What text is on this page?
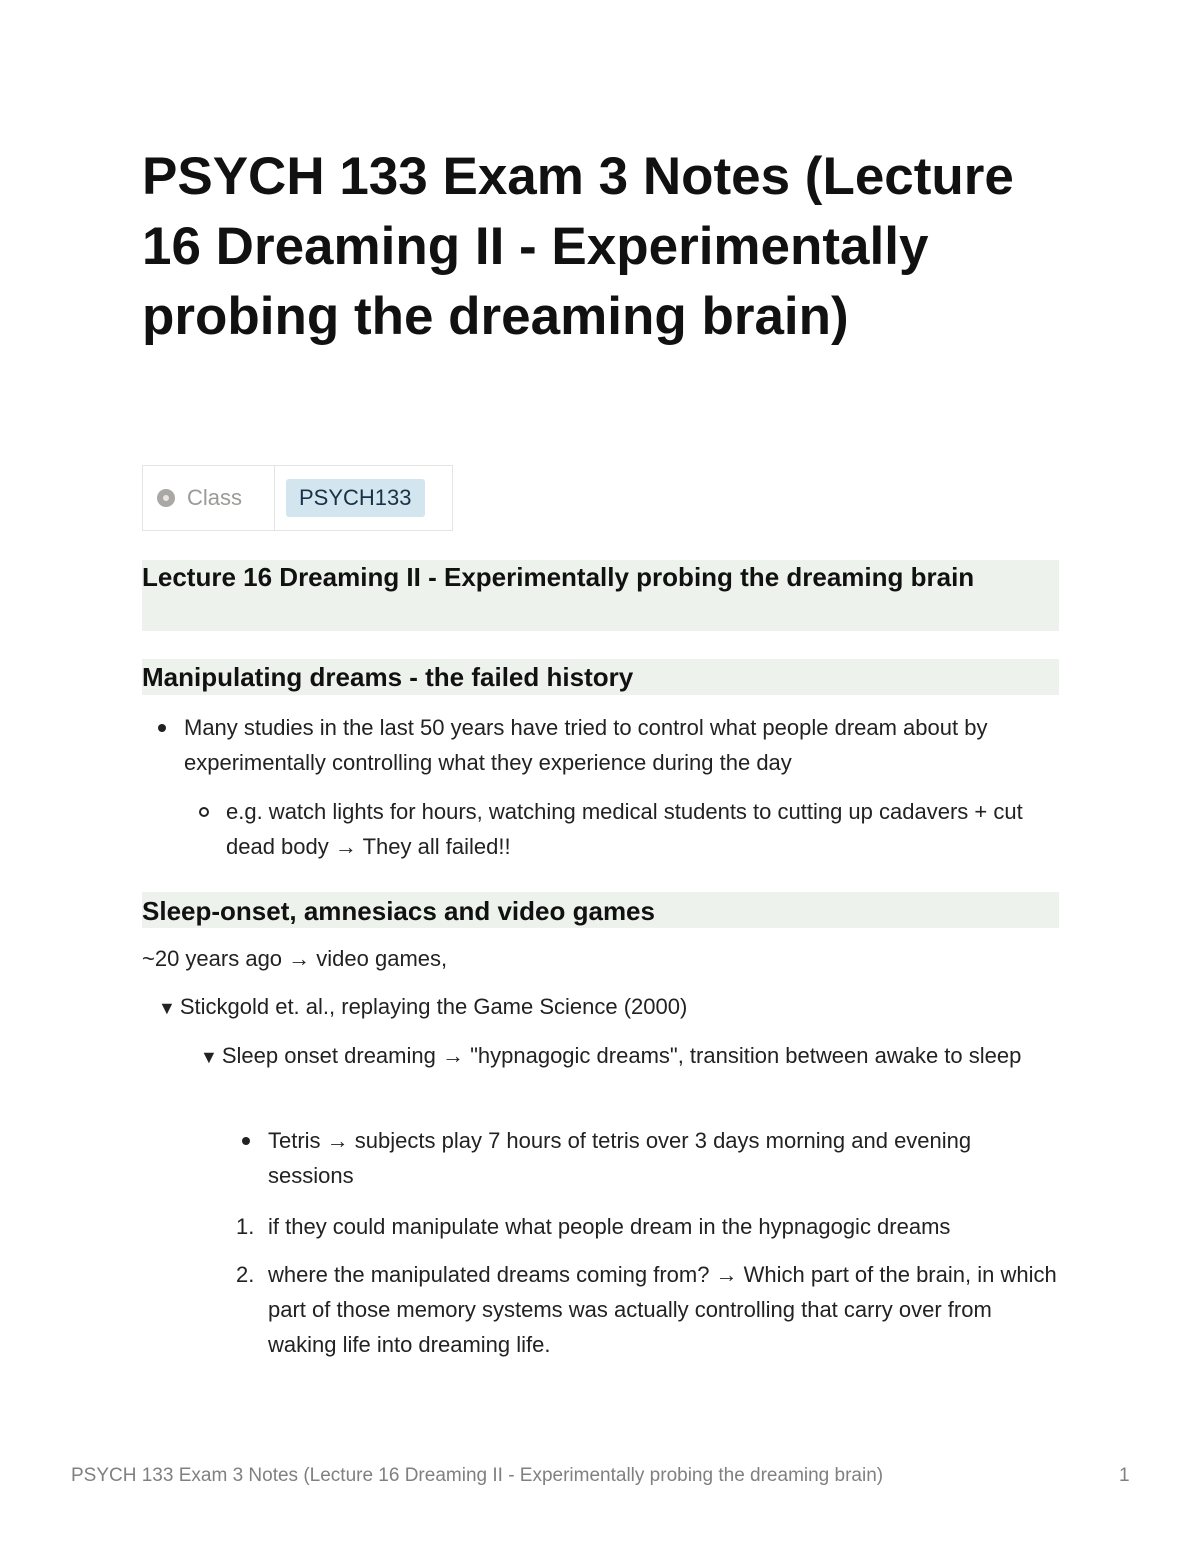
PSYCH 133 Exam 3 Notes (Lecture 16 Dreaming II - Experimentally probing the dreaming brain)
Class	PSYCH133
Lecture 16 Dreaming II - Experimentally probing the dreaming brain
Manipulating dreams - the failed history

Many studies in the last 50 years have tried to control what people dream about by experimentally controlling what they experience during the day

e.g. watch lights for hours, watching medical students to cutting up cadavers + cut dead body → They all failed!!

Sleep-onset, amnesiacs and video games

~20 years ago → video games,

▼ Stickgold et. al., replaying the Game Science (2000)
▼ Sleep onset dreaming → "hypnagogic dreams", transition between awake to sleep

Tetris → subjects play 7 hours of tetris over 3 days morning and evening sessions

1. if they could manipulate what people dream in the hypnagogic dreams

2. where the manipulated dreams coming from? → Which part of the brain, in which part of those memory systems was actually controlling that carry over from waking life into dreaming life.

PSYCH 133 Exam 3 Notes (Lecture 16 Dreaming II - Experimentally probing the dreaming brain)	1
